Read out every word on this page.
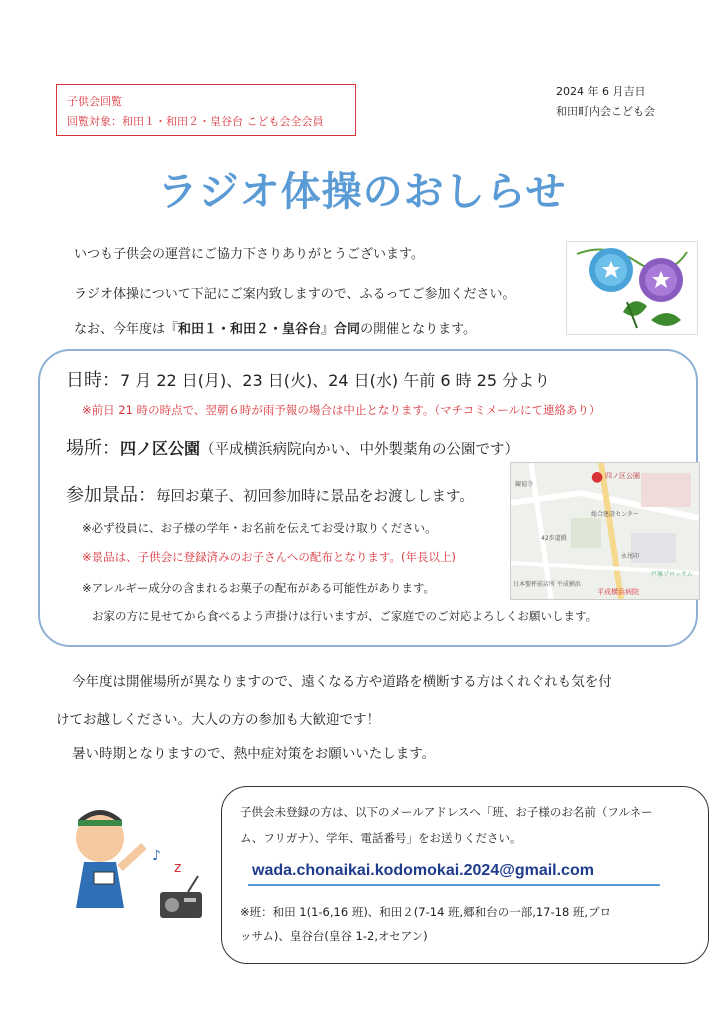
子供会回覧
回覧対象：和田１・和田２・皇谷台 こども会全会員
2024 年 6 月吉日
和田町内会こども会
ラジオ体操のおしらせ
いつも子供会の運営にご協力下さりありがとうございます。
ラジオ体操について下記にご案内致しますので、ふるってご参加ください。
なお、今年度は『和田１・和田２・皇谷台』合同の開催となります。
日時：7 月 22 日(月)、23 日(火)、24 日(水) 午前 6 時 25 分より
※前日 21 時の時点で、翌朝６時が雨予報の場合は中止となります。（マチコミメールにて連絡あり）
場所：四ノ区公園（平成横浜病院向かい、中外製薬角の公園です）
参加景品：毎回お菓子、初回参加時に景品をお渡しします。
※必ず役員に、お子様の学年・お名前を伝えてお受け取りください。
※景品は、子供会に登録済みのお子さんへの配布となります。(年長以上)
※アレルギー成分の含まれるお菓子の配布がある可能性があります。
お家の方に見せてから食べるよう声掛けは行いますが、ご家庭でのご対応よろしくお願いします。
● 四ノ区公園
観福寺
総合建設センター
42歩道橋
永尾印
日本聖杯前店所 平成横浜
平成横浜病院
戸塚ブロッサム
今年度は開催場所が異なりますので、遠くなる方や道路を横断する方はくれぐれも気を付
けてお越しください。大人の方の参加も大歓迎です！
暑い時期となりますので、熱中症対策をお願いいたします。
♪
z
子供会未登録の方は、以下のメールアドレスへ「班、お子様のお名前（フルネー
ム、フリガナ）、学年、電話番号」をお送りください。
wada.chonaikai.kodomokai.2024@gmail.com
※班：和田 1(1-6,16 班)、和田２(7-14 班,郷和台の一部,17-18 班,ブロ
ッサム)、皇谷台(皇谷 1-2,オセアン)
